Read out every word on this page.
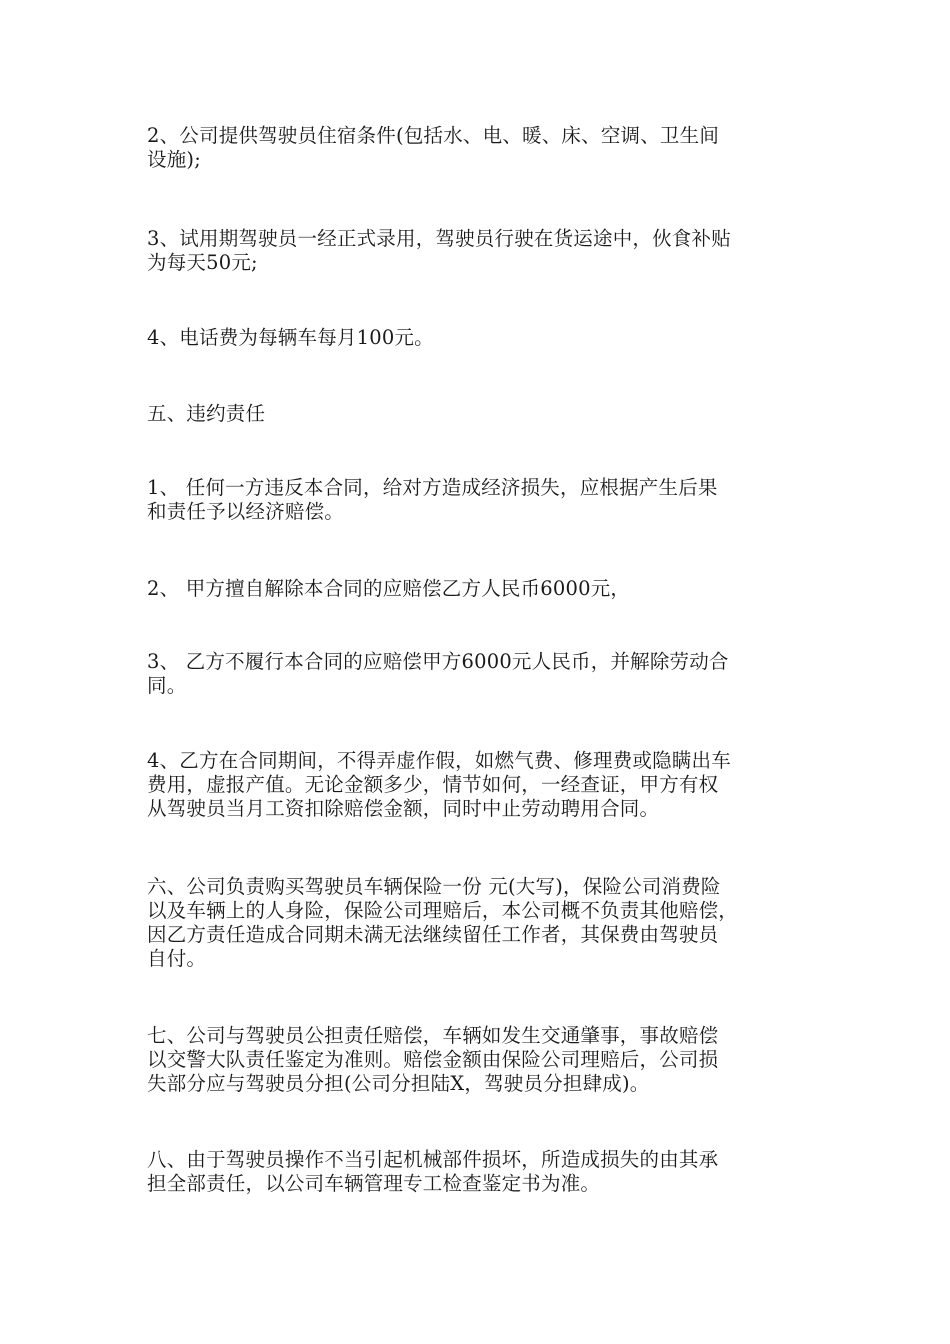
2、公司提供驾驶员住宿条件(包括水、电、暖、床、空调、卫生间
设施);
3、试用期驾驶员一经正式录用，驾驶员行驶在货运途中，伙食补贴
为每天50元;
4、电话费为每辆车每月100元。
五、违约责任
1、 任何一方违反本合同，给对方造成经济损失，应根据产生后果
和责任予以经济赔偿。
2、 甲方擅自解除本合同的应赔偿乙方人民币6000元，
3、 乙方不履行本合同的应赔偿甲方6000元人民币，并解除劳动合
同。
4、乙方在合同期间，不得弄虚作假，如燃气费、修理费或隐瞒出车
费用，虚报产值。无论金额多少，情节如何，一经查证，甲方有权
从驾驶员当月工资扣除赔偿金额，同时中止劳动聘用合同。
六、公司负责购买驾驶员车辆保险一份 元(大写)，保险公司消费险
以及车辆上的人身险，保险公司理赔后，本公司概不负责其他赔偿，
因乙方责任造成合同期未满无法继续留任工作者，其保费由驾驶员
自付。
七、公司与驾驶员公担责任赔偿，车辆如发生交通肇事，事故赔偿
以交警大队责任鉴定为准则。赔偿金额由保险公司理赔后，公司损
失部分应与驾驶员分担(公司分担陆X，驾驶员分担肆成)。
八、由于驾驶员操作不当引起机械部件损坏，所造成损失的由其承
担全部责任，以公司车辆管理专工检查鉴定书为准。
